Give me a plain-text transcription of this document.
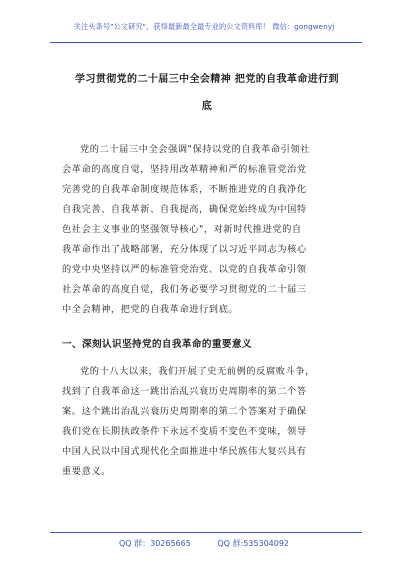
关注头条号"公文研究"，获得最新最全最专业的公文资料库！ 微信：gongwenyj
学习贯彻党的二十届三中全会精神 把党的自我革命进行到
底
党的二十届三中全会强调"保持以党的自我革命引领社
会革命的高度自觉，坚持用改革精神和严的标准管党治党
完善党的自我革命制度规范体系，不断推进党的自我净化
自我完善、自我革新、自我提高，确保党始终成为中国特
色社会主义事业的坚强领导核心"，对新时代推进党的自
我革命作出了战略部署，充分体现了以习近平同志为核心
的党中央坚持以严的标准管党治党、以党的自我革命引领
社会革命的高度自觉，我们务必要学习贯彻党的二十届三
中全会精神，把党的自我革命进行到底。
一、深刻认识坚持党的自我革命的重要意义
党的十八大以来，我们开展了史无前例的反腐败斗争，
找到了自我革命这一跳出治乱兴衰历史周期率的第二个答
案。这个跳出治乱兴衰历史周期率的第二个答案对于确保
我们党在长期执政条件下永远不变质不变色不变味，领导
中国人民以中国式现代化全面推进中华民族伟大复兴具有
重要意义。
QQ 群：30265665	QQ 群:535304092
